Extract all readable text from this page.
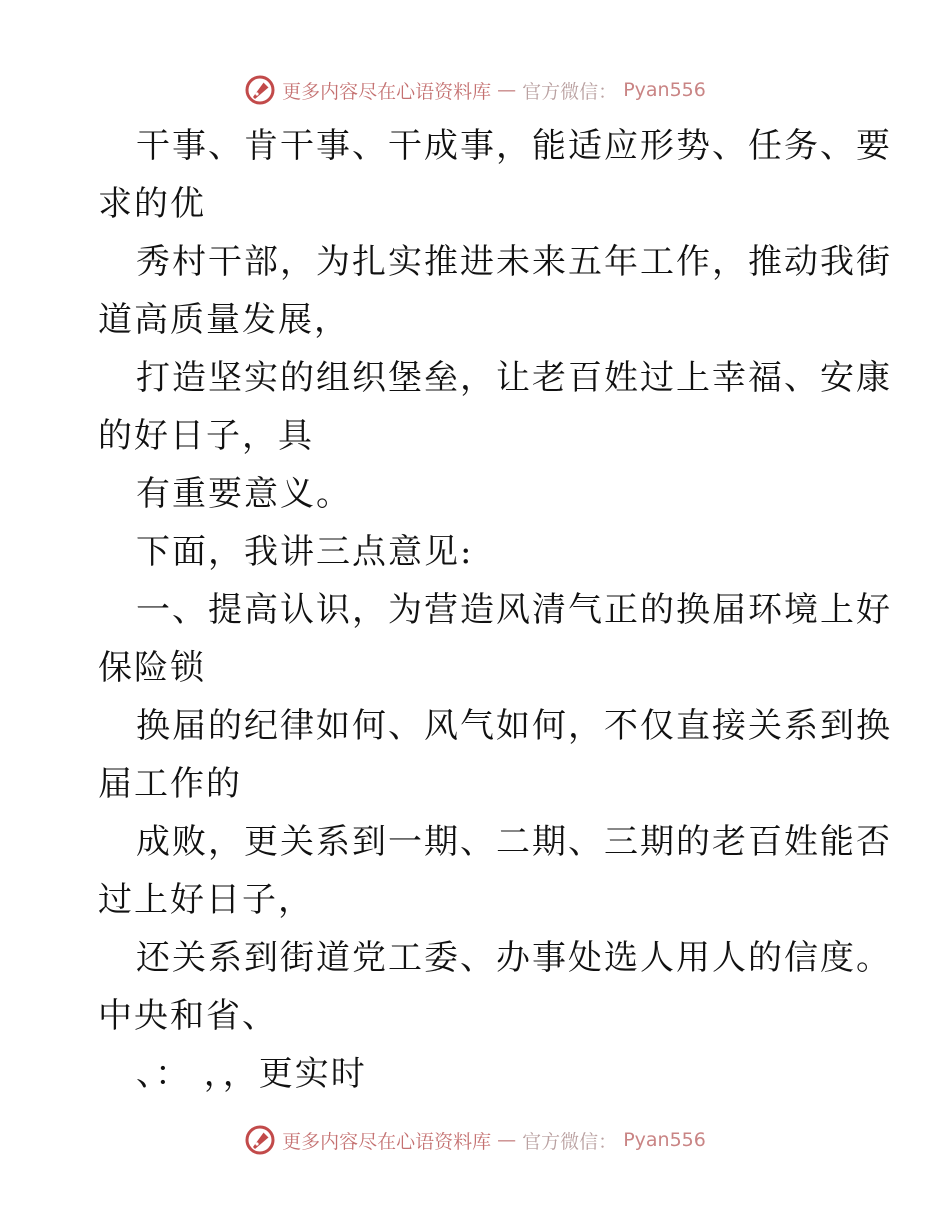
更多内容尽在心语资料库 — 官方微信： Pyan556
干事、肯干事、干成事，能适应形势、任务、要
求的优
秀村干部，为扎实推进未来五年工作，推动我街
道高质量发展，
打造坚实的组织堡垒，让老百姓过上幸福、安康
的好日子，具
有重要意义。
下面，我讲三点意见:
一、提高认识，为营造风清气正的换届环境上好
保险锁
换届的纪律如何、风气如何，不仅直接关系到换
届工作的
成败，更关系到一期、二期、三期的老百姓能否
过上好日子，
还关系到街道党工委、办事处选人用人的信度。
中央和省、
、： ，，更实时
更多内容尽在心语资料库 — 官方微信： Pyan556
